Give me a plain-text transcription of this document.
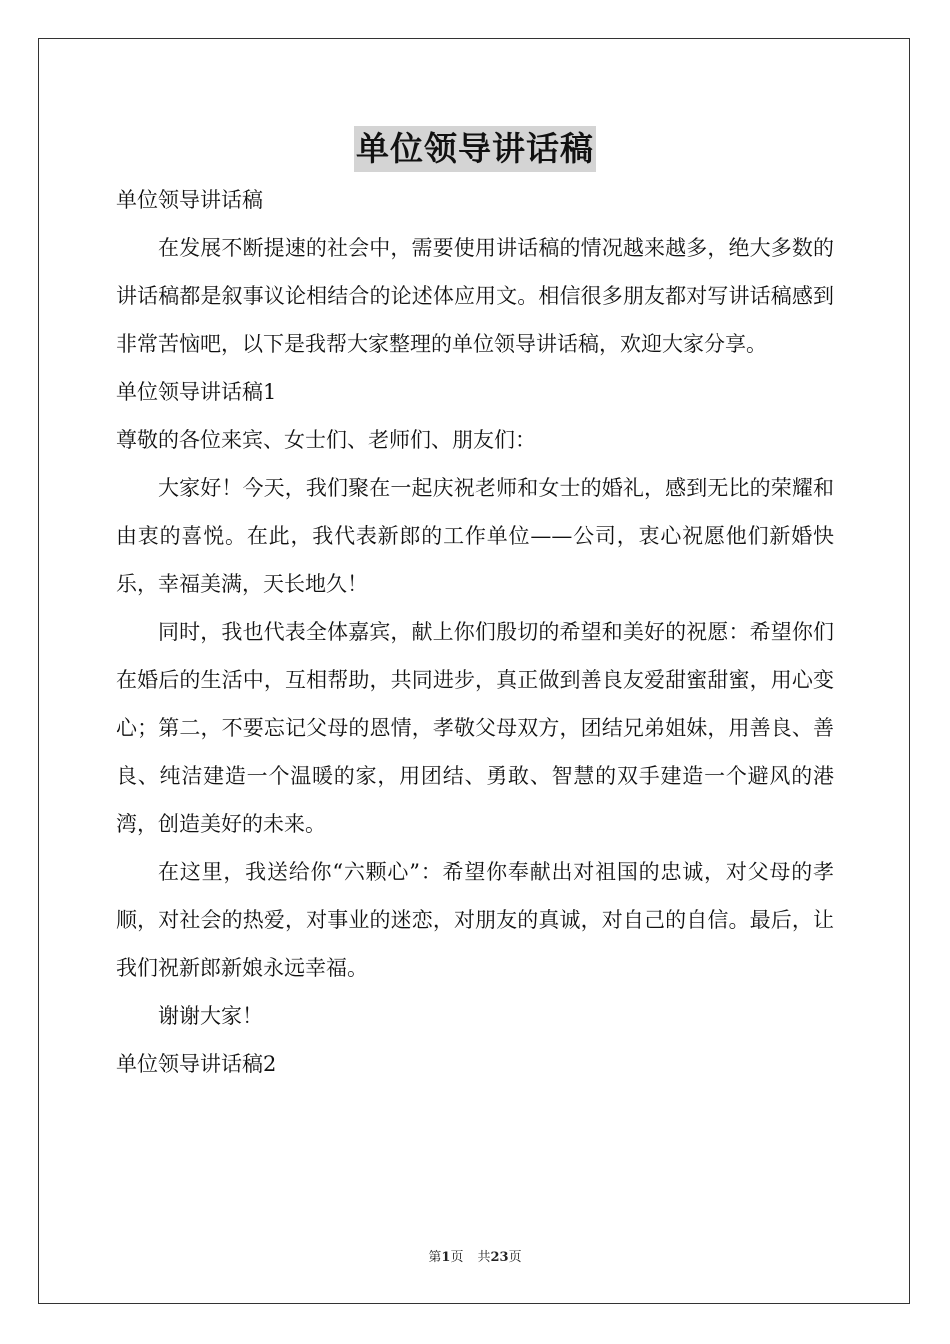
单位领导讲话稿

单位领导讲话稿

在发展不断提速的社会中，需要使用讲话稿的情况越来越多，绝大多数的讲话稿都是叙事议论相结合的论述体应用文。相信很多朋友都对写讲话稿感到非常苦恼吧，以下是我帮大家整理的单位领导讲话稿，欢迎大家分享。

单位领导讲话稿1

尊敬的各位来宾、女士们、老师们、朋友们：

大家好！今天，我们聚在一起庆祝老师和女士的婚礼，感到无比的荣耀和由衷的喜悦。在此，我代表新郎的工作单位——公司，衷心祝愿他们新婚快乐，幸福美满，天长地久！

同时，我也代表全体嘉宾，献上你们殷切的希望和美好的祝愿：希望你们在婚后的生活中，互相帮助，共同进步，真正做到善良友爱甜蜜甜蜜，用心变心；第二，不要忘记父母的恩情，孝敬父母双方，团结兄弟姐妹，用善良、善良、纯洁建造一个温暖的家，用团结、勇敢、智慧的双手建造一个避风的港湾，创造美好的未来。

在这里，我送给你“六颗心”：希望你奉献出对祖国的忠诚，对父母的孝顺，对社会的热爱，对事业的迷恋，对朋友的真诚，对自己的自信。最后，让我们祝新郎新娘永远幸福。

谢谢大家！

单位领导讲话稿2

第1页 共23页
